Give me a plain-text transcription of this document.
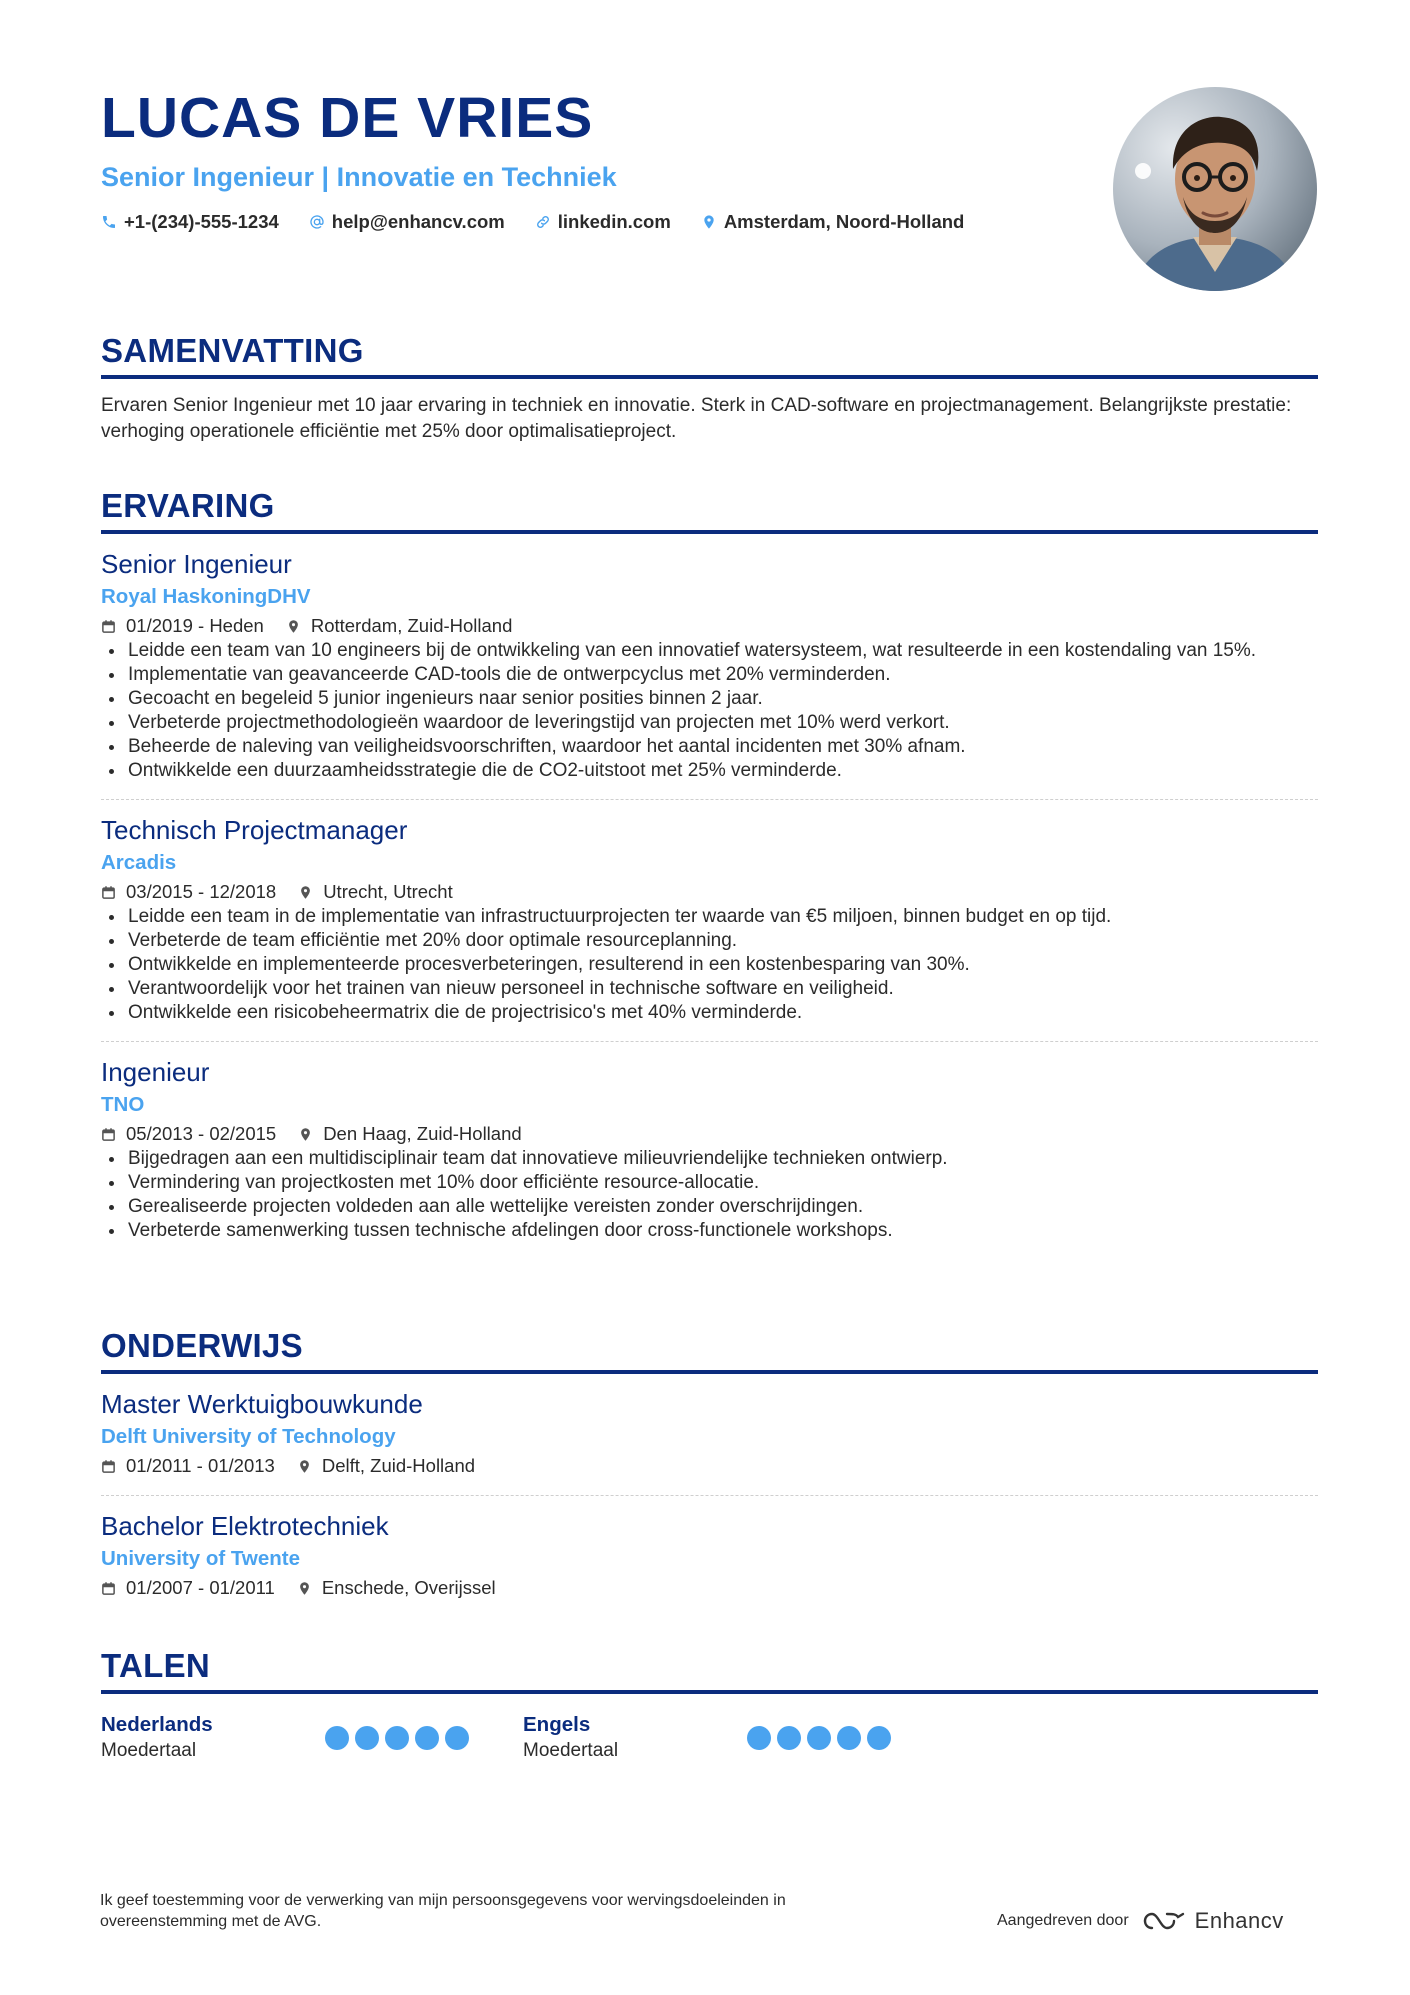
LUCAS DE VRIES
Senior Ingenieur | Innovatie en Techniek
+1-(234)-555-1234	help@enhancv.com	linkedin.com	Amsterdam, Noord-Holland
SAMENVATTING
Ervaren Senior Ingenieur met 10 jaar ervaring in techniek en innovatie. Sterk in CAD-software en projectmanagement. Belangrijkste prestatie: verhoging operationele efficiëntie met 25% door optimalisatieproject.
ERVARING
Senior Ingenieur
Royal HaskoningDHV
01/2019 - Heden	Rotterdam, Zuid-Holland
Leidde een team van 10 engineers bij de ontwikkeling van een innovatief watersysteem, wat resulteerde in een kostendaling van 15%.
Implementatie van geavanceerde CAD-tools die de ontwerpcyclus met 20% verminderden.
Gecoacht en begeleid 5 junior ingenieurs naar senior posities binnen 2 jaar.
Verbeterde projectmethodologieën waardoor de leveringstijd van projecten met 10% werd verkort.
Beheerde de naleving van veiligheidsvoorschriften, waardoor het aantal incidenten met 30% afnam.
Ontwikkelde een duurzaamheidsstrategie die de CO2-uitstoot met 25% verminderde.
Technisch Projectmanager
Arcadis
03/2015 - 12/2018	Utrecht, Utrecht
Leidde een team in de implementatie van infrastructuurprojecten ter waarde van €5 miljoen, binnen budget en op tijd.
Verbeterde de team efficiëntie met 20% door optimale resourceplanning.
Ontwikkelde en implementeerde procesverbeteringen, resulterend in een kostenbesparing van 30%.
Verantwoordelijk voor het trainen van nieuw personeel in technische software en veiligheid.
Ontwikkelde een risicobeheermatrix die de projectrisico's met 40% verminderde.
Ingenieur
TNO
05/2013 - 02/2015	Den Haag, Zuid-Holland
Bijgedragen aan een multidisciplinair team dat innovatieve milieuvriendelijke technieken ontwierp.
Vermindering van projectkosten met 10% door efficiënte resource-allocatie.
Gerealiseerde projecten voldeden aan alle wettelijke vereisten zonder overschrijdingen.
Verbeterde samenwerking tussen technische afdelingen door cross-functionele workshops.
ONDERWIJS
Master Werktuigbouwkunde
Delft University of Technology
01/2011 - 01/2013	Delft, Zuid-Holland
Bachelor Elektrotechniek
University of Twente
01/2007 - 01/2011	Enschede, Overijssel
TALEN
Nederlands
Moedertaal
Engels
Moedertaal
Ik geef toestemming voor de verwerking van mijn persoonsgegevens voor wervingsdoeleinden in overeenstemming met de AVG.	Aangedreven door	Enhancv
